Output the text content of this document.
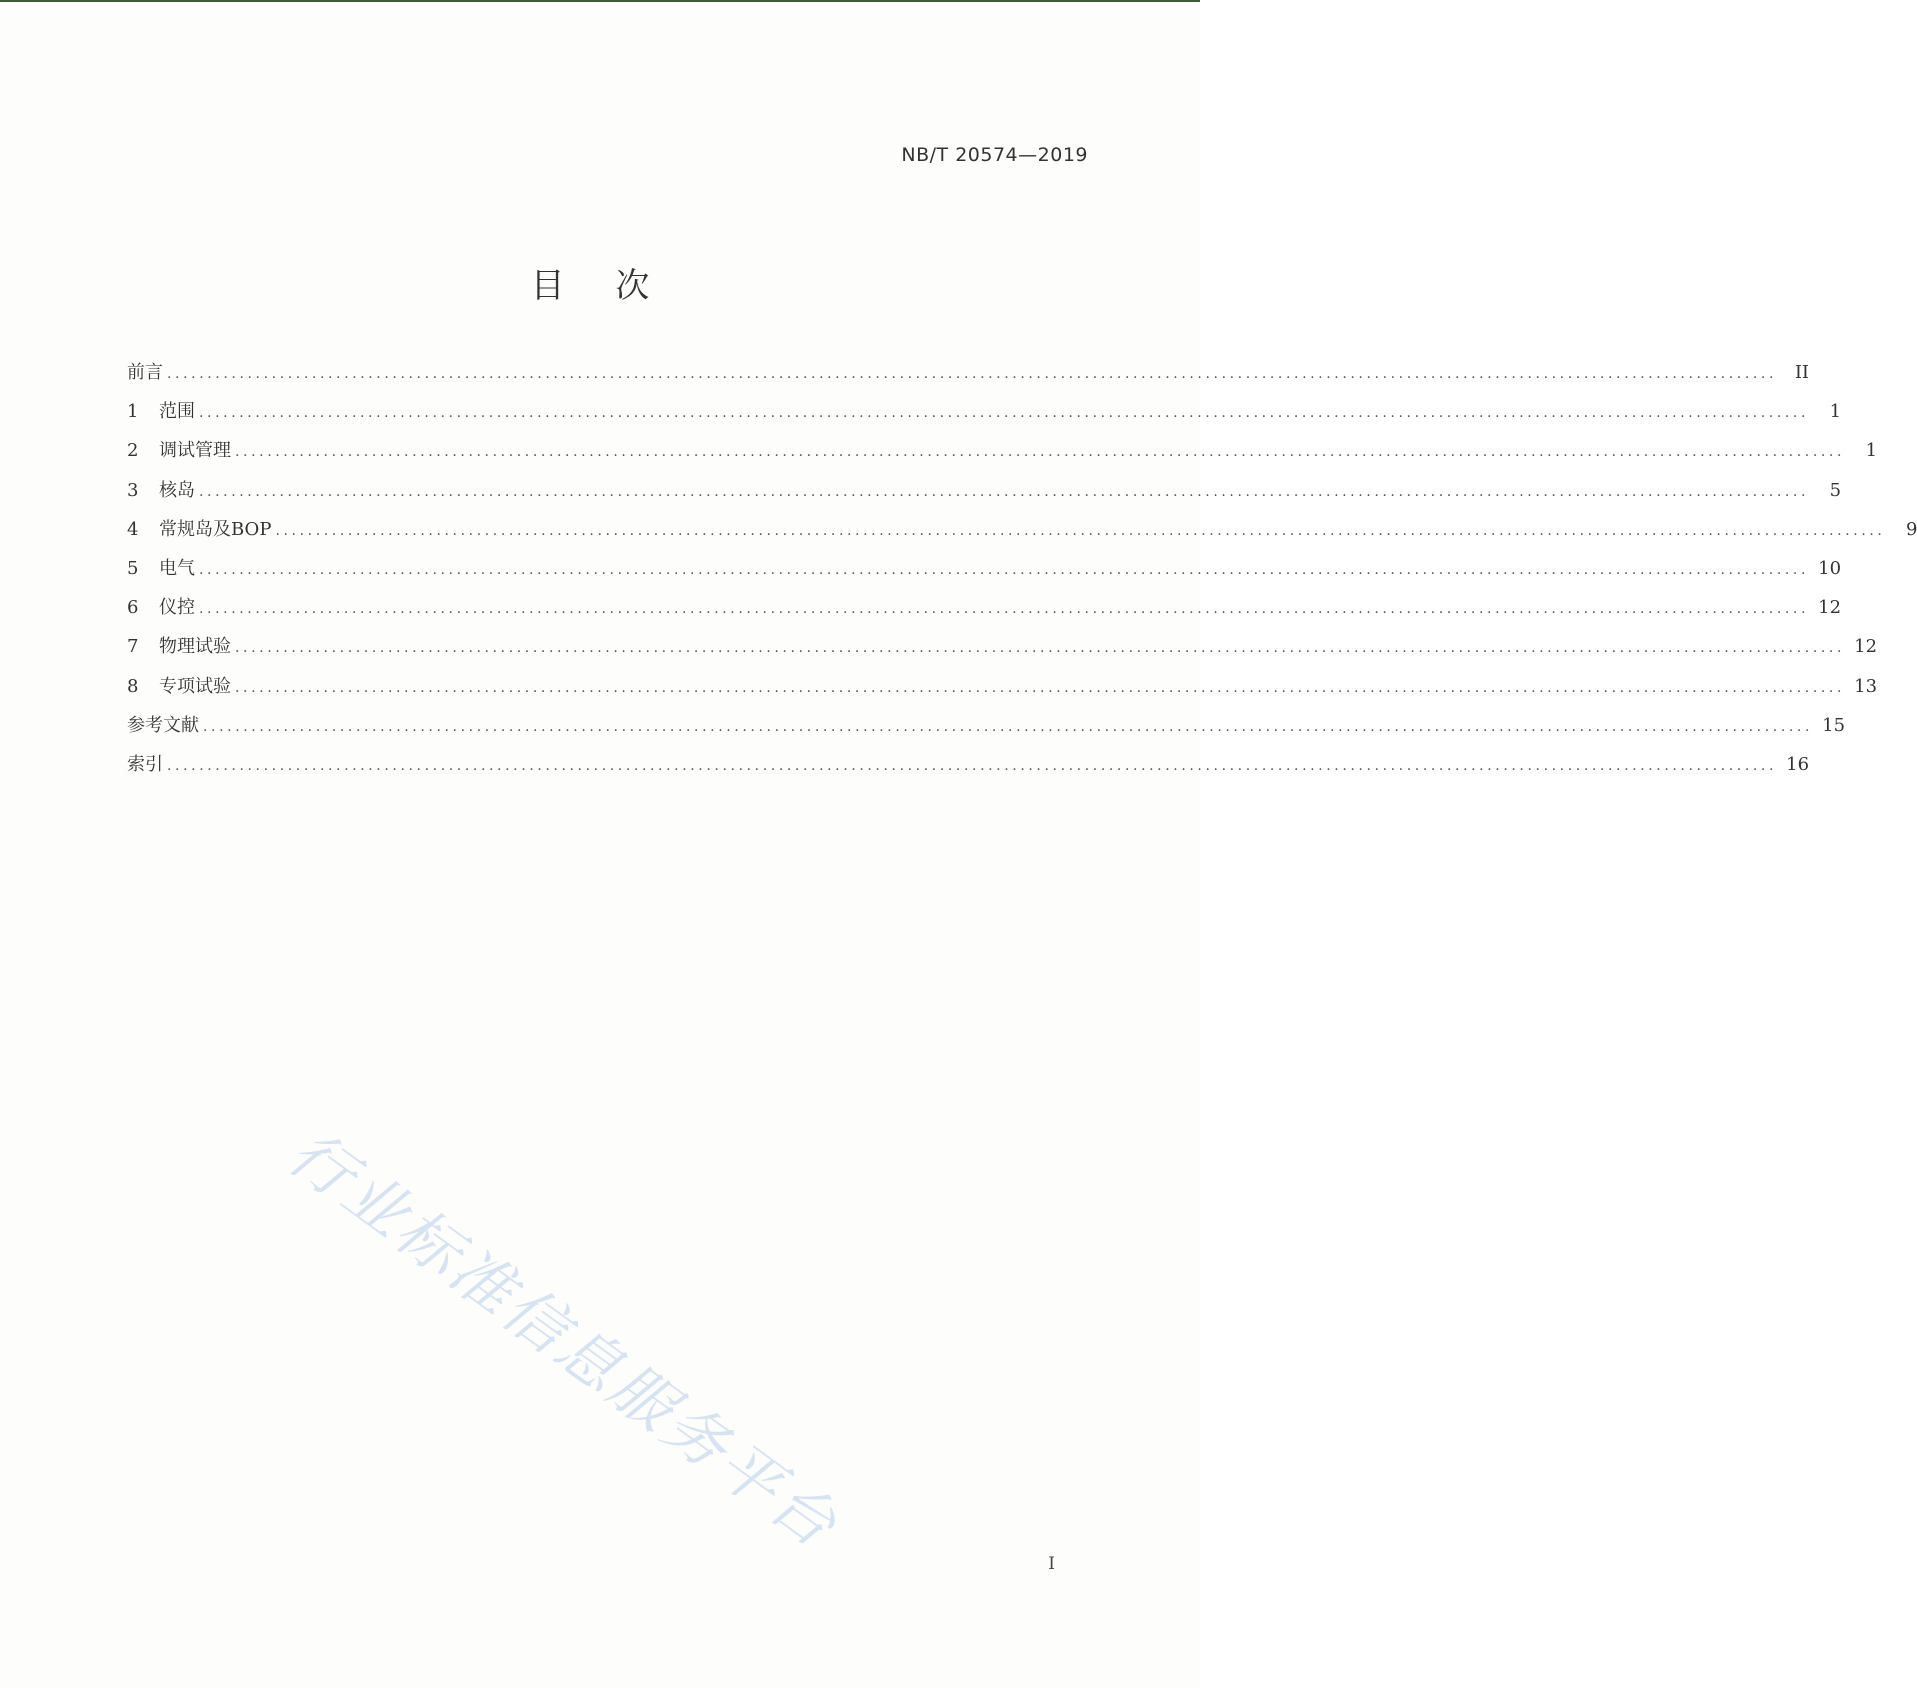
NB/T 20574—2019
目 次
前言 ........................................................................................................................................................................................................ II
1	范围 ........................................................................................................................................................................................................	1
2	调试管理 ........................................................................................................................................................................................................	1
3	核岛 ........................................................................................................................................................................................................	5
4	常规岛及BOP ........................................................................................................................................................................................................	9
5	电气 ........................................................................................................................................................................................................ 10
6	仪控 ........................................................................................................................................................................................................ 12
7	物理试验 ........................................................................................................................................................................................................ 12
8	专项试验 ........................................................................................................................................................................................................ 13
参考文献 ........................................................................................................................................................................................................ 15
索引 ........................................................................................................................................................................................................ 16
行业标准信息服务平台
I
